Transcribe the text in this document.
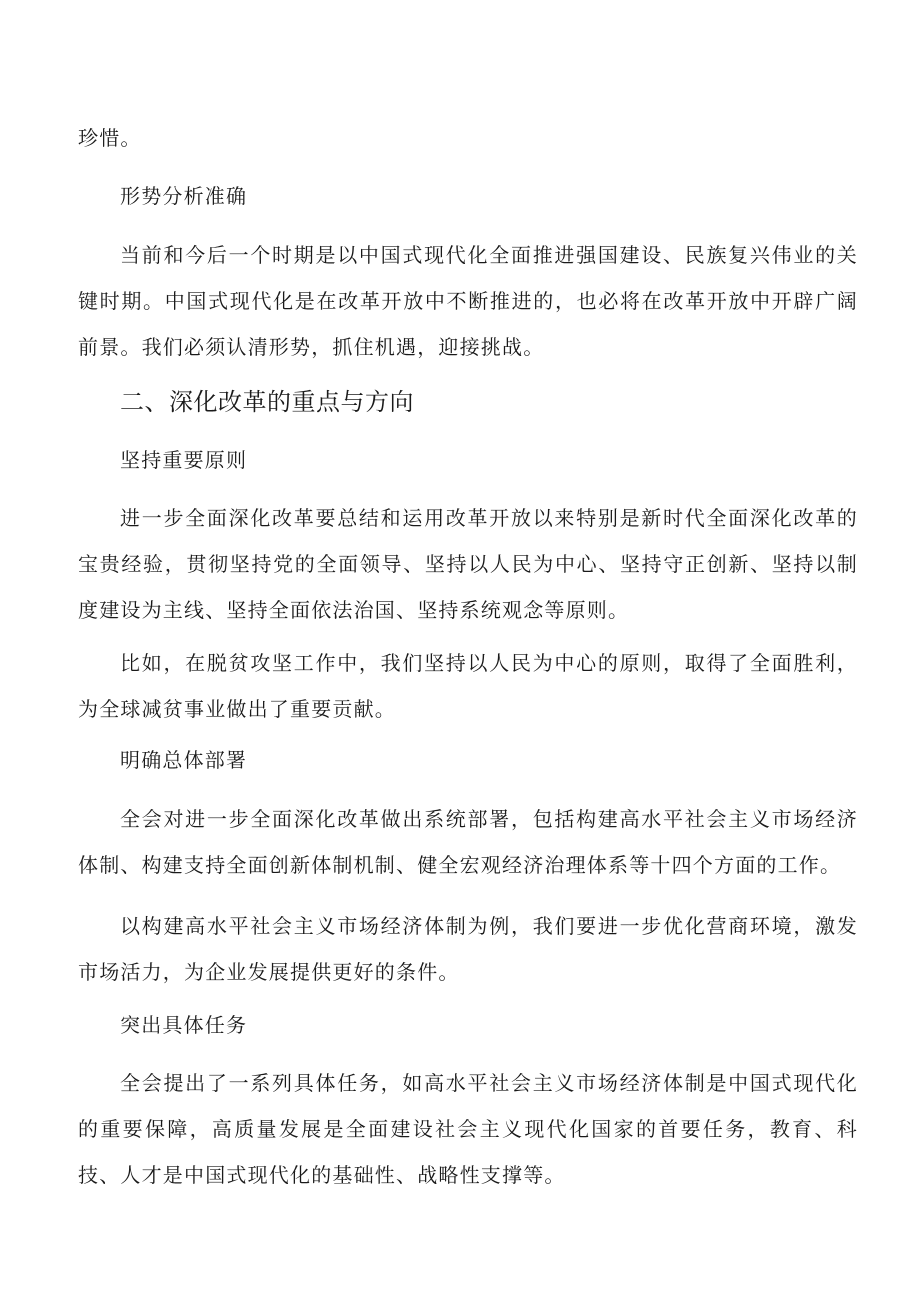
珍惜。

形势分析准确

当前和今后一个时期是以中国式现代化全面推进强国建设、民族复兴伟业的关键时期。中国式现代化是在改革开放中不断推进的，也必将在改革开放中开辟广阔前景。我们必须认清形势，抓住机遇，迎接挑战。

二、深化改革的重点与方向

坚持重要原则

进一步全面深化改革要总结和运用改革开放以来特别是新时代全面深化改革的宝贵经验，贯彻坚持党的全面领导、坚持以人民为中心、坚持守正创新、坚持以制度建设为主线、坚持全面依法治国、坚持系统观念等原则。

比如，在脱贫攻坚工作中，我们坚持以人民为中心的原则，取得了全面胜利，为全球减贫事业做出了重要贡献。

明确总体部署

全会对进一步全面深化改革做出系统部署，包括构建高水平社会主义市场经济体制、构建支持全面创新体制机制、健全宏观经济治理体系等十四个方面的工作。

以构建高水平社会主义市场经济体制为例，我们要进一步优化营商环境，激发市场活力，为企业发展提供更好的条件。

突出具体任务

全会提出了一系列具体任务，如高水平社会主义市场经济体制是中国式现代化的重要保障，高质量发展是全面建设社会主义现代化国家的首要任务，教育、科技、人才是中国式现代化的基础性、战略性支撑等。
